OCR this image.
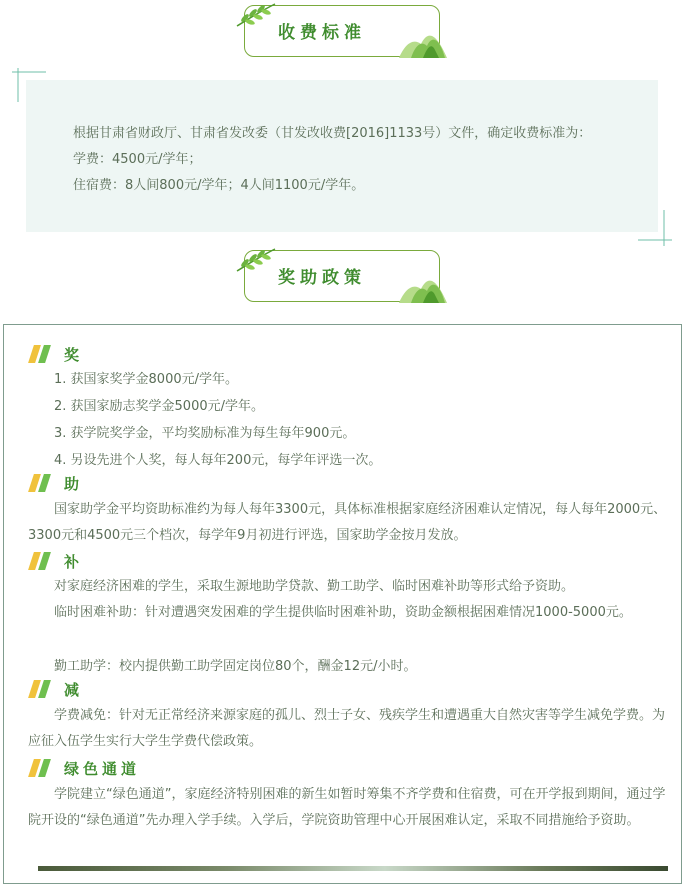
收费标准
根据甘肃省财政厅、甘肃省发改委（甘发改收费[2016]1133号）文件，确定收费标准为：
学费：4500元/学年；
住宿费：8人间800元/学年；4人间1100元/学年。
奖助政策
奖
1. 获国家奖学金8000元/学年。
2. 获国家励志奖学金5000元/学年。
3. 获学院奖学金，平均奖励标准为每生每年900元。
4. 另设先进个人奖，每人每年200元，每学年评选一次。
助
国家助学金平均资助标准约为每人每年3300元，具体标准根据家庭经济困难认定情况，每人每年2000元、3300元和4500元三个档次，每学年9月初进行评选，国家助学金按月发放。
补
对家庭经济困难的学生，采取生源地助学贷款、勤工助学、临时困难补助等形式给予资助。
临时困难补助：针对遭遇突发困难的学生提供临时困难补助，资助金额根据困难情况1000-5000元。
勤工助学：校内提供勤工助学固定岗位80个，酬金12元/小时。
减
学费减免：针对无正常经济来源家庭的孤儿、烈士子女、残疾学生和遭遇重大自然灾害等学生减免学费。为应征入伍学生实行大学生学费代偿政策。
绿色通道
学院建立“绿色通道”，家庭经济特别困难的新生如暂时筹集不齐学费和住宿费，可在开学报到期间，通过学院开设的“绿色通道”先办理入学手续。入学后，学院资助管理中心开展困难认定，采取不同措施给予资助。
